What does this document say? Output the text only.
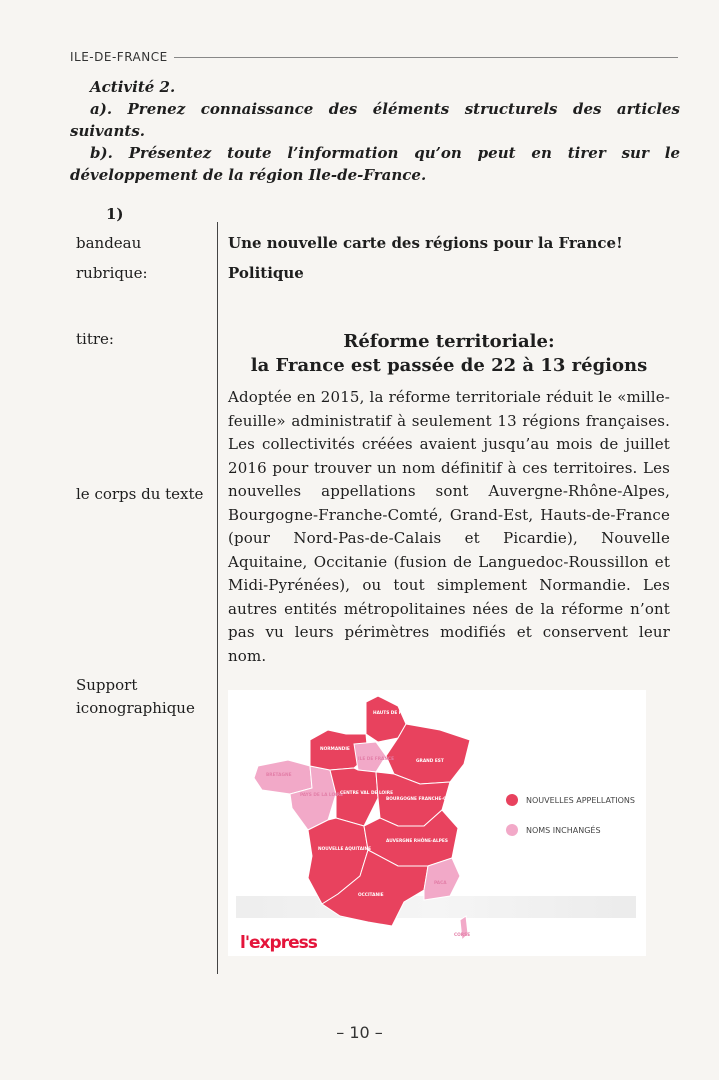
ILE-DE-FRANCE
Activité 2.
a). Prenez connaissance des éléments structurels des articles suivants.
b). Présentez toute l’information qu’on peut en tirer sur le développement de la région Ile-de-France.
1)
bandeau
rubrique:
titre:
le corps du texte
Support
iconographique
Une nouvelle carte des régions pour la France!
Politique
Réforme territoriale:
la France est passée de 22 à 13 régions
Adoptée en 2015, la réforme territoriale réduit le «mille-feuille» administratif à seulement 13 régions françaises. Les collectivités créées avaient jusqu’au mois de juillet 2016 pour trouver un nom définitif à ces territoires. Les nouvelles appellations sont Auvergne-Rhône-Alpes, Bourgogne-Franche-Comté, Grand-Est, Hauts-de-France (pour Nord-Pas-de-Calais et Picardie), Nouvelle Aquitaine, Occitanie (fusion de Languedoc-Roussillon et Midi-Pyrénées), ou tout simplement Normandie. Les autres entités métropolitaines nées de la réforme n’ont pas vu leurs périmètres modifiés et conservent leur nom.
HAUTS DE FRANCE
NORMANDIE
ILE DE FRANCE	GRAND EST
BRETAGNE
PAYS DE LA LOIRE
CENTRE VAL DE LOIRE
BOURGOGNE FRANCHE-COMTÉ
NOUVELLE AQUITAINE
AUVERGNE RHÔNE-ALPES
OCCITANIE
PACA
CORSE
NOUVELLES APPELLATIONS
NOMS INCHANGÉS
l'express
– 10 –
